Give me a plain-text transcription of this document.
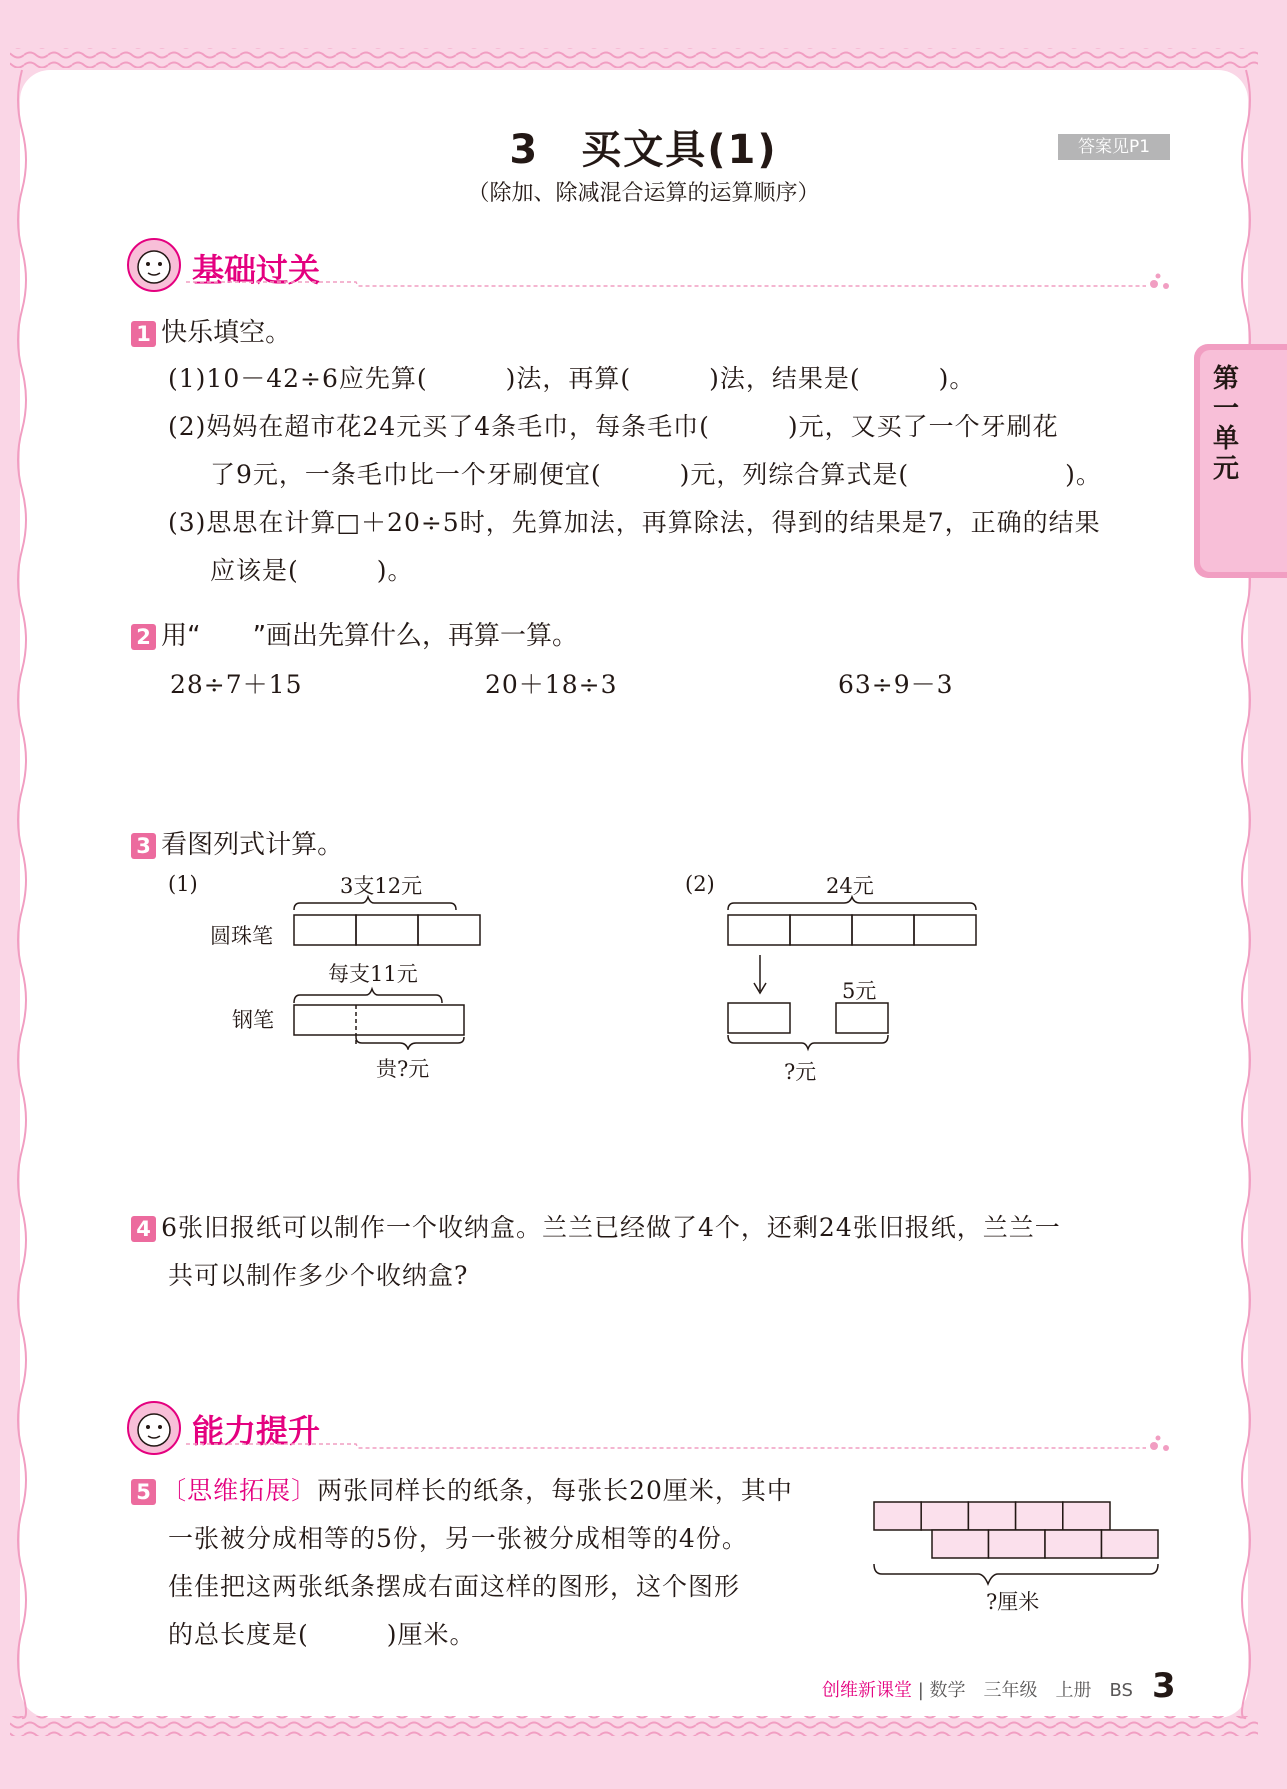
3　买文具(1)
（除加、除减混合运算的运算顺序）
答案见P1
第一单元
基础过关
1 快乐填空。
(1)10－42÷6应先算(　　　)法，再算(　　　)法，结果是(　　　)。
(2)妈妈在超市花24元买了4条毛巾，每条毛巾(　　　)元，又买了一个牙刷花
了9元，一条毛巾比一个牙刷便宜(　　　)元，列综合算式是(　　　　　　)。
(3)思思在计算□＋20÷5时，先算加法，再算除法，得到的结果是7，正确的结果
应该是(　　　)。
2 用“　　”画出先算什么，再算一算。
28÷7＋15	20＋18÷3	63÷9－3
3 看图列式计算。
(1)	3支12元
圆珠笔
每支11元
钢笔
贵?元
(2)	24元
5元
?元
4 6张旧报纸可以制作一个收纳盒。兰兰已经做了4个，还剩24张旧报纸，兰兰一
共可以制作多少个收纳盒?
能力提升
5 〔思维拓展〕两张同样长的纸条，每张长20厘米，其中
一张被分成相等的5份，另一张被分成相等的4份。
佳佳把这两张纸条摆成右面这样的图形，这个图形
的总长度是(　　　)厘米。
?厘米
创维新课堂 | 数学　三年级　上册　BS 3
